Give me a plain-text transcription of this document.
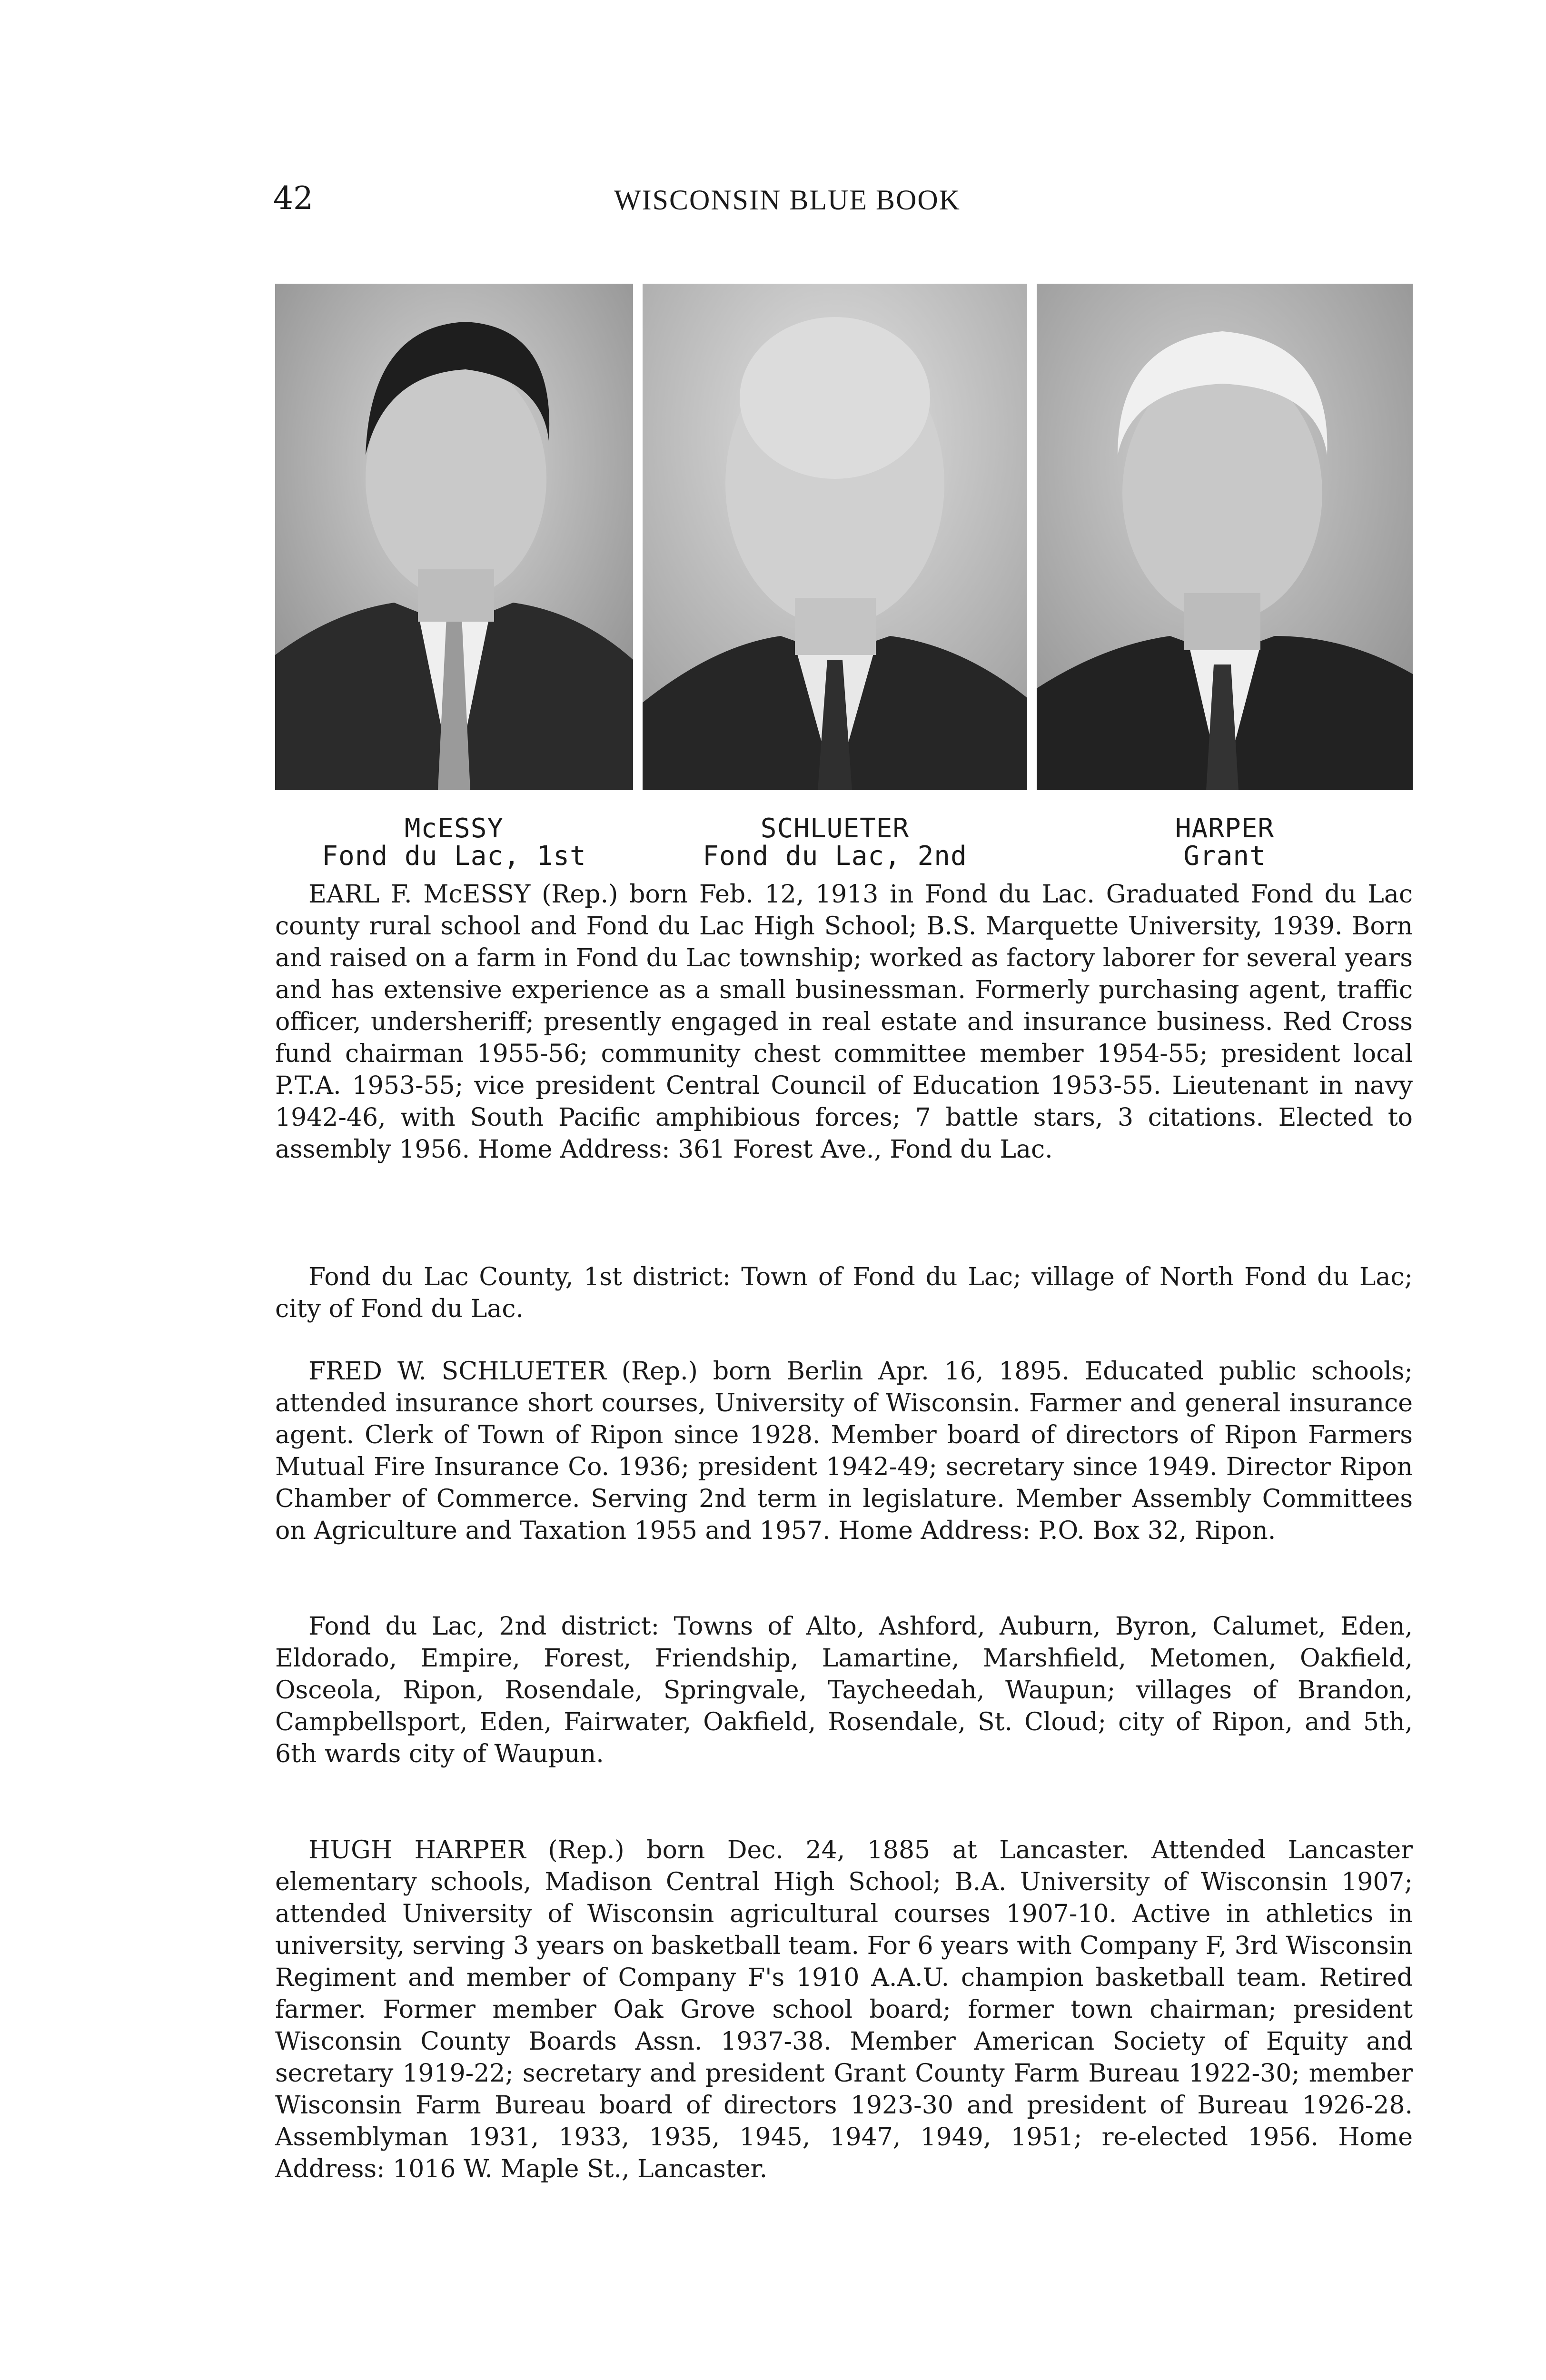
42	WISCONSIN BLUE BOOK
McESSY
Fond du Lac, 1st
SCHLUETER
Fond du Lac, 2nd
HARPER
Grant

EARL F. McESSY (Rep.) born Feb. 12, 1913 in Fond du Lac. Graduated Fond du Lac county rural school and Fond du Lac High School; B.S. Marquette University, 1939. Born and raised on a farm in Fond du Lac township; worked as factory laborer for several years and has extensive experience as a small businessman. Formerly purchasing agent, traffic officer, undersheriff; presently engaged in real estate and insurance business. Red Cross fund chairman 1955-56; community chest committee member 1954-55; president local P.T.A. 1953-55; vice president Central Council of Education 1953-55. Lieutenant in navy 1942-46, with South Pacific amphibious forces; 7 battle stars, 3 citations. Elected to assembly 1956. Home Address: 361 Forest Ave., Fond du Lac.

Fond du Lac County, 1st district: Town of Fond du Lac; village of North Fond du Lac; city of Fond du Lac.

FRED W. SCHLUETER (Rep.) born Berlin Apr. 16, 1895. Educated public schools; attended insurance short courses, University of Wisconsin. Farmer and general insurance agent. Clerk of Town of Ripon since 1928. Member board of directors of Ripon Farmers Mutual Fire Insurance Co. 1936; president 1942-49; secretary since 1949. Director Ripon Chamber of Commerce. Serving 2nd term in legislature. Member Assembly Committees on Agriculture and Taxation 1955 and 1957. Home Address: P.O. Box 32, Ripon.

Fond du Lac, 2nd district: Towns of Alto, Ashford, Auburn, Byron, Calumet, Eden, Eldorado, Empire, Forest, Friendship, Lamartine, Marshfield, Metomen, Oakfield, Osceola, Ripon, Rosendale, Springvale, Taycheedah, Waupun; villages of Brandon, Campbellsport, Eden, Fairwater, Oakfield, Rosendale, St. Cloud; city of Ripon, and 5th, 6th wards city of Waupun.

HUGH HARPER (Rep.) born Dec. 24, 1885 at Lancaster. Attended Lancaster elementary schools, Madison Central High School; B.A. University of Wisconsin 1907; attended University of Wisconsin agricultural courses 1907-10. Active in athletics in university, serving 3 years on basketball team. For 6 years with Company F, 3rd Wisconsin Regiment and member of Company F's 1910 A.A.U. champion basketball team. Retired farmer. Former member Oak Grove school board; former town chairman; president Wisconsin County Boards Assn. 1937-38. Member American Society of Equity and secretary 1919-22; secretary and president Grant County Farm Bureau 1922-30; member Wisconsin Farm Bureau board of directors 1923-30 and president of Bureau 1926-28. Assemblyman 1931, 1933, 1935, 1945, 1947, 1949, 1951; re-elected 1956. Home Address: 1016 W. Maple St., Lancaster.
